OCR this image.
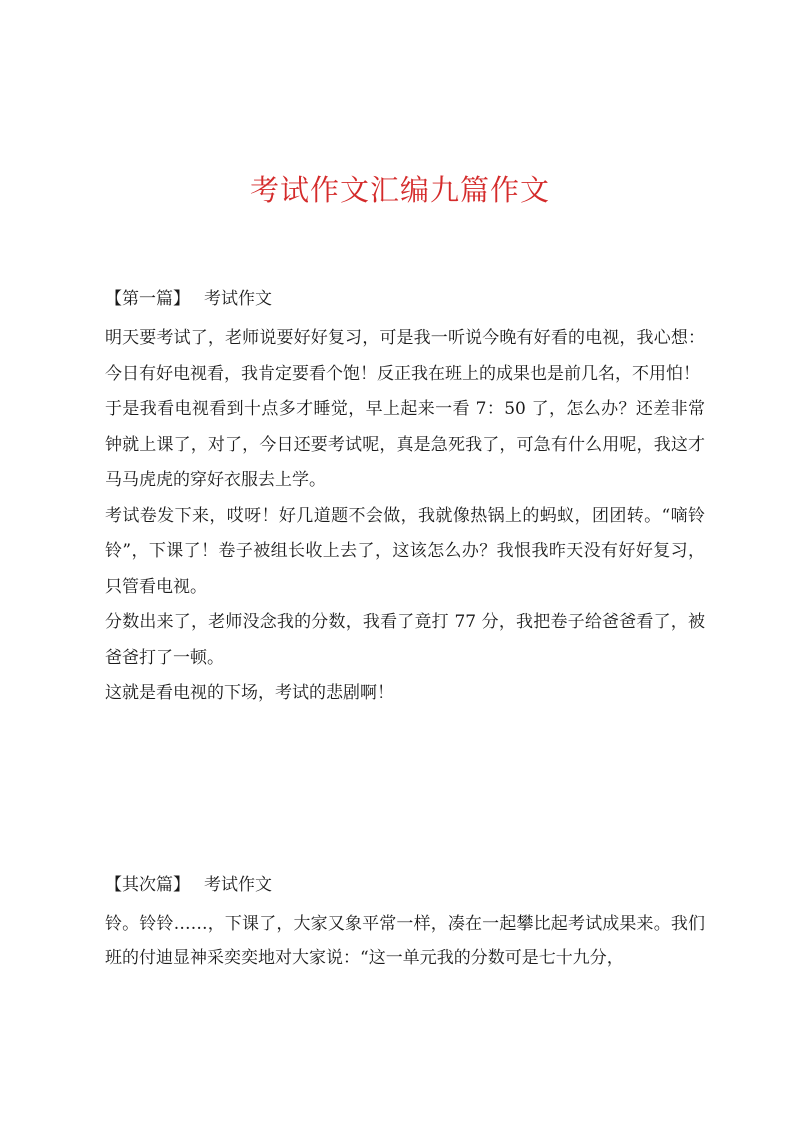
考试作文汇编九篇作文
【第一篇】 考试作文

明天要考试了，老师说要好好复习，可是我一听说今晚有好看的电视，我心想：今日有好电视看，我肯定要看个饱！反正我在班上的成果也是前几名，不用怕！

于是我看电视看到十点多才睡觉，早上起来一看 7：50 了，怎么办？还差非常钟就上课了，对了，今日还要考试呢，真是急死我了，可急有什么用呢，我这才马马虎虎的穿好衣服去上学。

考试卷发下来，哎呀！好几道题不会做，我就像热锅上的蚂蚁，团团转。“嘀铃铃”，下课了！卷子被组长收上去了，这该怎么办？我恨我昨天没有好好复习，只管看电视。

分数出来了，老师没念我的分数，我看了竟打 77 分，我把卷子给爸爸看了，被爸爸打了一顿。

这就是看电视的下场，考试的悲剧啊！

【其次篇】 考试作文

铃。铃铃……，下课了，大家又象平常一样，凑在一起攀比起考试成果来。我们班的付迪显神采奕奕地对大家说：“这一单元我的分数可是七十九分，
